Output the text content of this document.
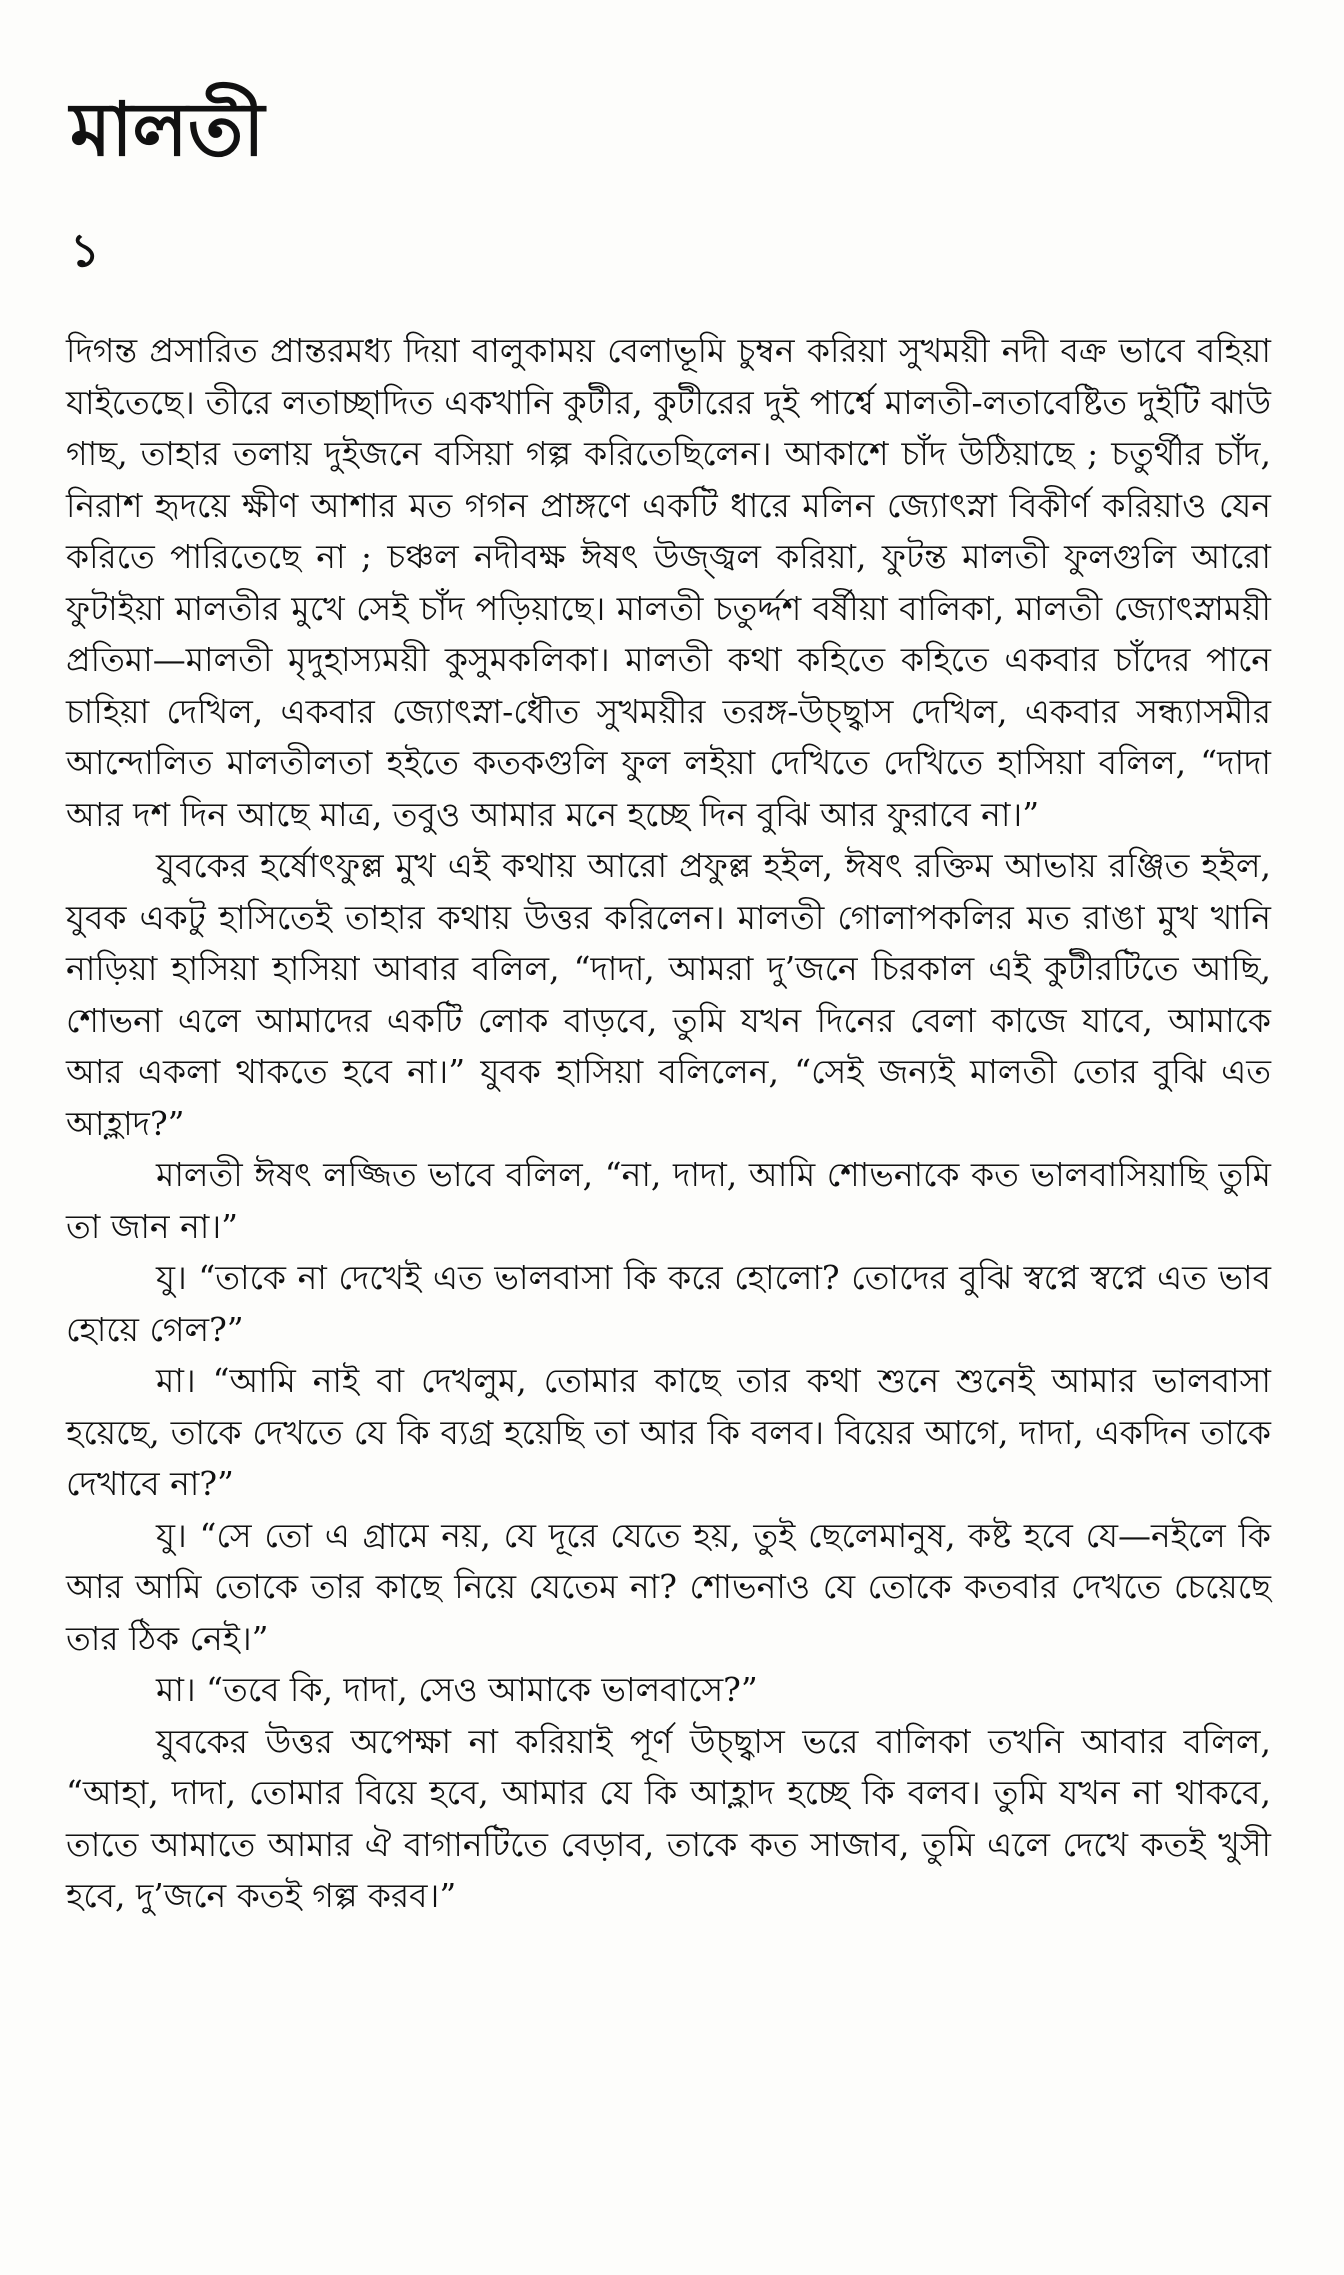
মালতী
১

দিগন্ত প্রসারিত প্রান্তরমধ্য দিয়া বালুকাময় বেলাভূমি চুম্বন করিয়া সুখময়ী নদী বক্র ভাবে বহিয়া যাইতেছে। তীরে লতাচ্ছাদিত একখানি কুটীর, কুটীরের দুই পার্শ্বে মালতী-লতাবেষ্টিত দুইটি ঝাউ গাছ, তাহার তলায় দুইজনে বসিয়া গল্প করিতেছিলেন। আকাশে চাঁদ উঠিয়াছে ; চতুর্থীর চাঁদ, নিরাশ হৃদয়ে ক্ষীণ আশার মত গগন প্রাঙ্গণে একটি ধারে মলিন জ্যোৎস্না বিকীর্ণ করিয়াও যেন করিতে পারিতেছে না ; চঞ্চল নদীবক্ষ ঈষৎ উজ্জ্বল করিয়া, ফুটন্ত মালতী ফুলগুলি আরো ফুটাইয়া মালতীর মুখে সেই চাঁদ পড়িয়াছে। মালতী চতুর্দ্দশ বর্ষীয়া বালিকা, মালতী জ্যোৎস্নাময়ী প্রতিমা—মালতী মৃদুহাস্যময়ী কুসুমকলিকা। মালতী কথা কহিতে কহিতে একবার চাঁদের পানে চাহিয়া দেখিল, একবার জ্যোৎস্না-ধৌত সুখময়ীর তরঙ্গ-উচ্ছ্বাস দেখিল, একবার সন্ধ্যাসমীর আন্দোলিত মালতীলতা হইতে কতকগুলি ফুল লইয়া দেখিতে দেখিতে হাসিয়া বলিল, “দাদা আর দশ দিন আছে মাত্র, তবুও আমার মনে হচ্ছে দিন বুঝি আর ফুরাবে না।”

যুবকের হর্ষোৎফুল্ল মুখ এই কথায় আরো প্রফুল্ল হইল, ঈষৎ রক্তিম আভায় রঞ্জিত হইল, যুবক একটু হাসিতেই তাহার কথায় উত্তর করিলেন। মালতী গোলাপকলির মত রাঙা মুখ খানি নাড়িয়া হাসিয়া হাসিয়া আবার বলিল, “দাদা, আমরা দু’জনে চিরকাল এই কুটীরটিতে আছি, শোভনা এলে আমাদের একটি লোক বাড়বে, তুমি যখন দিনের বেলা কাজে যাবে, আমাকে আর একলা থাকতে হবে না।” যুবক হাসিয়া বলিলেন, “সেই জন্যই মালতী তোর বুঝি এত আহ্লাদ?”

মালতী ঈষৎ লজ্জিত ভাবে বলিল, “না, দাদা, আমি শোভনাকে কত ভালবাসিয়াছি তুমি তা জান না।”

যু। “তাকে না দেখেই এত ভালবাসা কি করে হোলো? তোদের বুঝি স্বপ্নে স্বপ্নে এত ভাব হোয়ে গেল?”

মা। “আমি নাই বা দেখলুম, তোমার কাছে তার কথা শুনে শুনেই আমার ভালবাসা হয়েছে, তাকে দেখতে যে কি ব্যগ্র হয়েছি তা আর কি বলব। বিয়ের আগে, দাদা, একদিন তাকে দেখাবে না?”

যু। “সে তো এ গ্রামে নয়, যে দূরে যেতে হয়, তুই ছেলেমানুষ, কষ্ট হবে যে—নইলে কি আর আমি তোকে তার কাছে নিয়ে যেতেম না? শোভনাও যে তোকে কতবার দেখতে চেয়েছে তার ঠিক নেই।”

মা। “তবে কি, দাদা, সেও আমাকে ভালবাসে?”

যুবকের উত্তর অপেক্ষা না করিয়াই পূর্ণ উচ্ছ্বাস ভরে বালিকা তখনি আবার বলিল, “আহা, দাদা, তোমার বিয়ে হবে, আমার যে কি আহ্লাদ হচ্ছে কি বলব। তুমি যখন না থাকবে, তাতে আমাতে আমার ঐ বাগানটিতে বেড়াব, তাকে কত সাজাব, তুমি এলে দেখে কতই খুসী হবে, দু’জনে কতই গল্প করব।”
